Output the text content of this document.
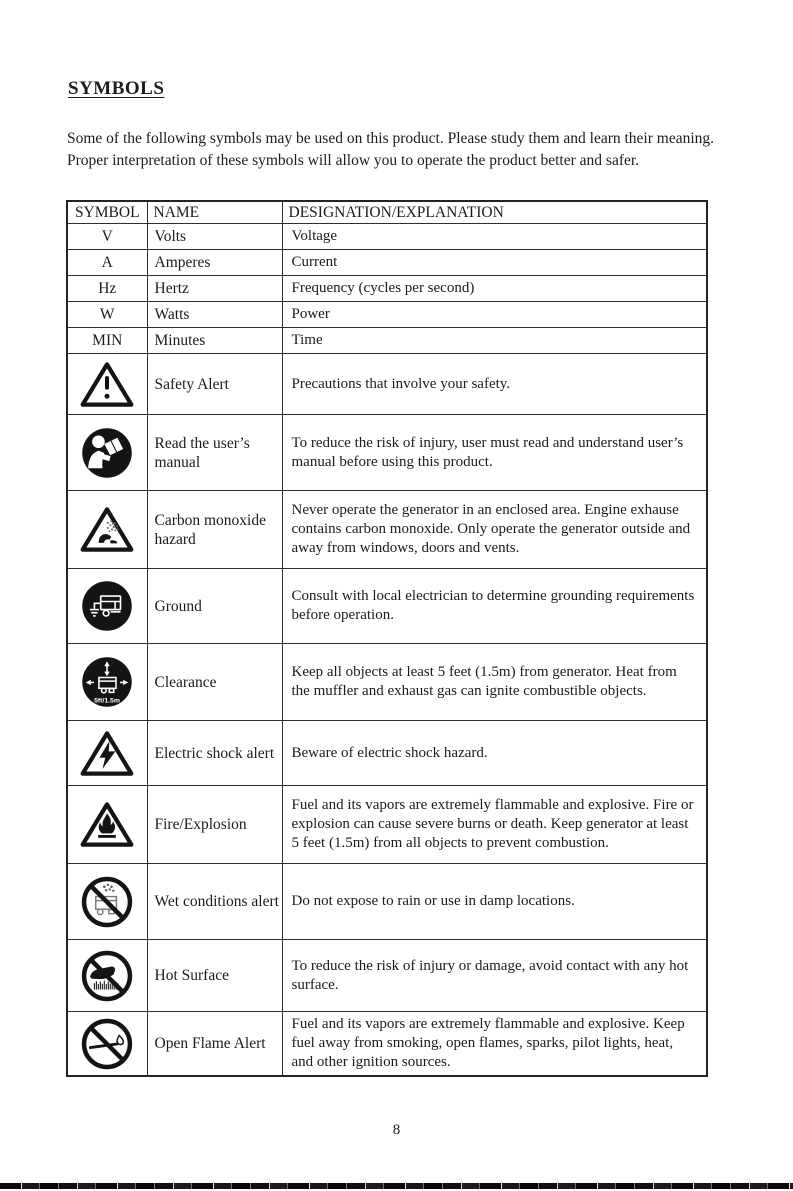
SYMBOLS
Some of the following symbols may be used on this product. Please study them and learn their meaning.
Proper interpretation of these symbols will allow you to operate the product better and safer.
SYMBOL	NAME	DESIGNATION/EXPLANATION
V	Volts	Voltage
A	Amperes	Current
Hz	Hertz	Frequency (cycles per second)
W	Watts	Power
MIN	Minutes	Time

	Safety Alert	Precautions that involve your safety.

	Read the user’s manual	To reduce the risk of injury, user must read and understand user’s manual before using this product.

	Carbon monoxide hazard	Never operate the generator in an enclosed area. Engine exhause contains carbon monoxide. Only operate the generator outside and away from windows, doors and vents.

	Ground	Consult with local electrician to determine grounding requirements before operation.

5ft/1.5m	Clearance	Keep all objects at least 5 feet (1.5m) from generator. Heat from the muffler and exhaust gas can ignite combustible objects.

	Electric shock alert	Beware of electric shock hazard.

	Fire/Explosion	Fuel and its vapors are extremely flammable and explosive. Fire or explosion can cause severe burns or death. Keep generator at least 5 feet (1.5m) from all objects to prevent combustion.

	Wet conditions alert	Do not expose to rain or use in damp locations.

	Hot Surface	To reduce the risk of injury or damage, avoid contact with any hot surface.

	Open Flame Alert	Fuel and its vapors are extremely flammable and explosive. Keep fuel away from smoking, open flames, sparks, pilot lights, heat, and other ignition sources.
8
